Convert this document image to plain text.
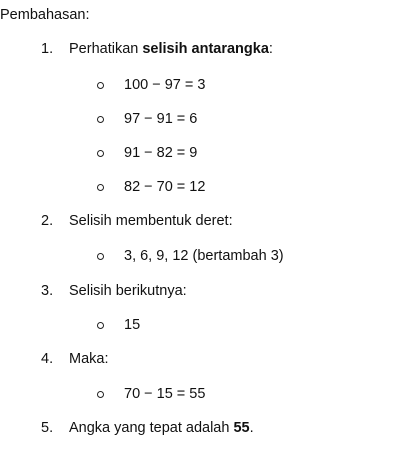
Pembahasan:
1. Perhatikan selisih antarangka:
100 − 97 = 3
97 − 91 = 6
91 − 82 = 9
82 − 70 = 12
2. Selisih membentuk deret:
3, 6, 9, 12 (bertambah 3)
3. Selisih berikutnya:
15
4. Maka:
70 − 15 = 55
5. Angka yang tepat adalah 55.
